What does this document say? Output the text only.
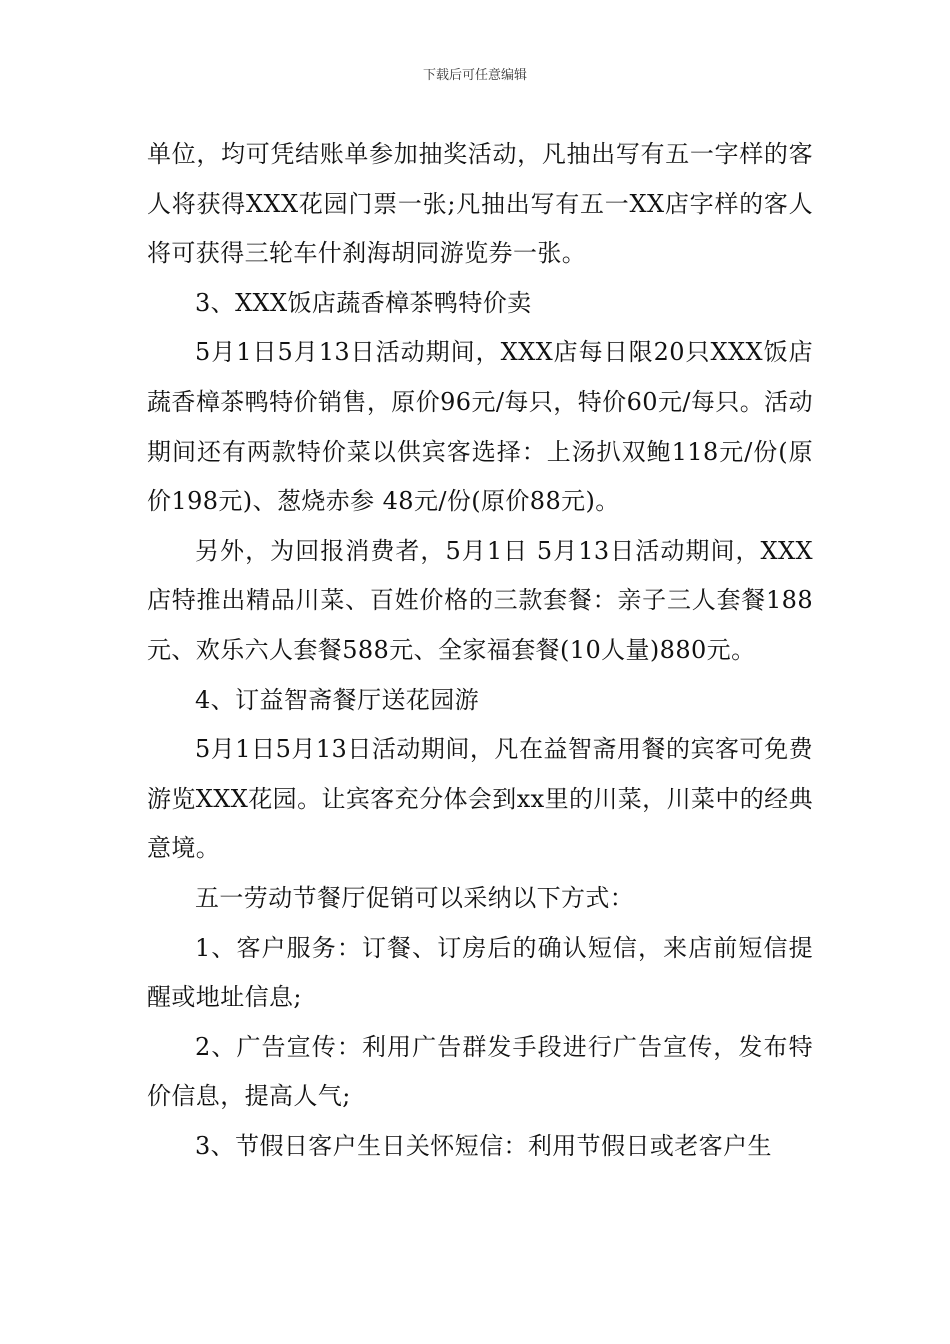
下载后可任意编辑

单位，均可凭结账单参加抽奖活动，凡抽出写有五一字样的客人将获得XXX花园门票一张;凡抽出写有五一XX店字样的客人将可获得三轮车什刹海胡同游览券一张。

3、XXX饭店蔬香樟茶鸭特价卖

5月1日5月13日活动期间，XXX店每日限20只XXX饭店蔬香樟茶鸭特价销售，原价96元/每只，特价60元/每只。活动期间还有两款特价菜以供宾客选择：上汤扒双鲍118元/份(原价198元)、葱烧赤参 48元/份(原价88元)。

另外，为回报消费者，5月1日 5月13日活动期间，XXX店特推出精品川菜、百姓价格的三款套餐：亲子三人套餐188元、欢乐六人套餐588元、全家福套餐(10人量)880元。

4、订益智斋餐厅送花园游

5月1日5月13日活动期间，凡在益智斋用餐的宾客可免费游览XXX花园。让宾客充分体会到xx里的川菜，川菜中的经典意境。

五一劳动节餐厅促销可以采纳以下方式：

1、客户服务：订餐、订房后的确认短信，来店前短信提醒或地址信息;

2、广告宣传：利用广告群发手段进行广告宣传，发布特价信息，提高人气;

3、节假日客户生日关怀短信：利用节假日或老客户生
